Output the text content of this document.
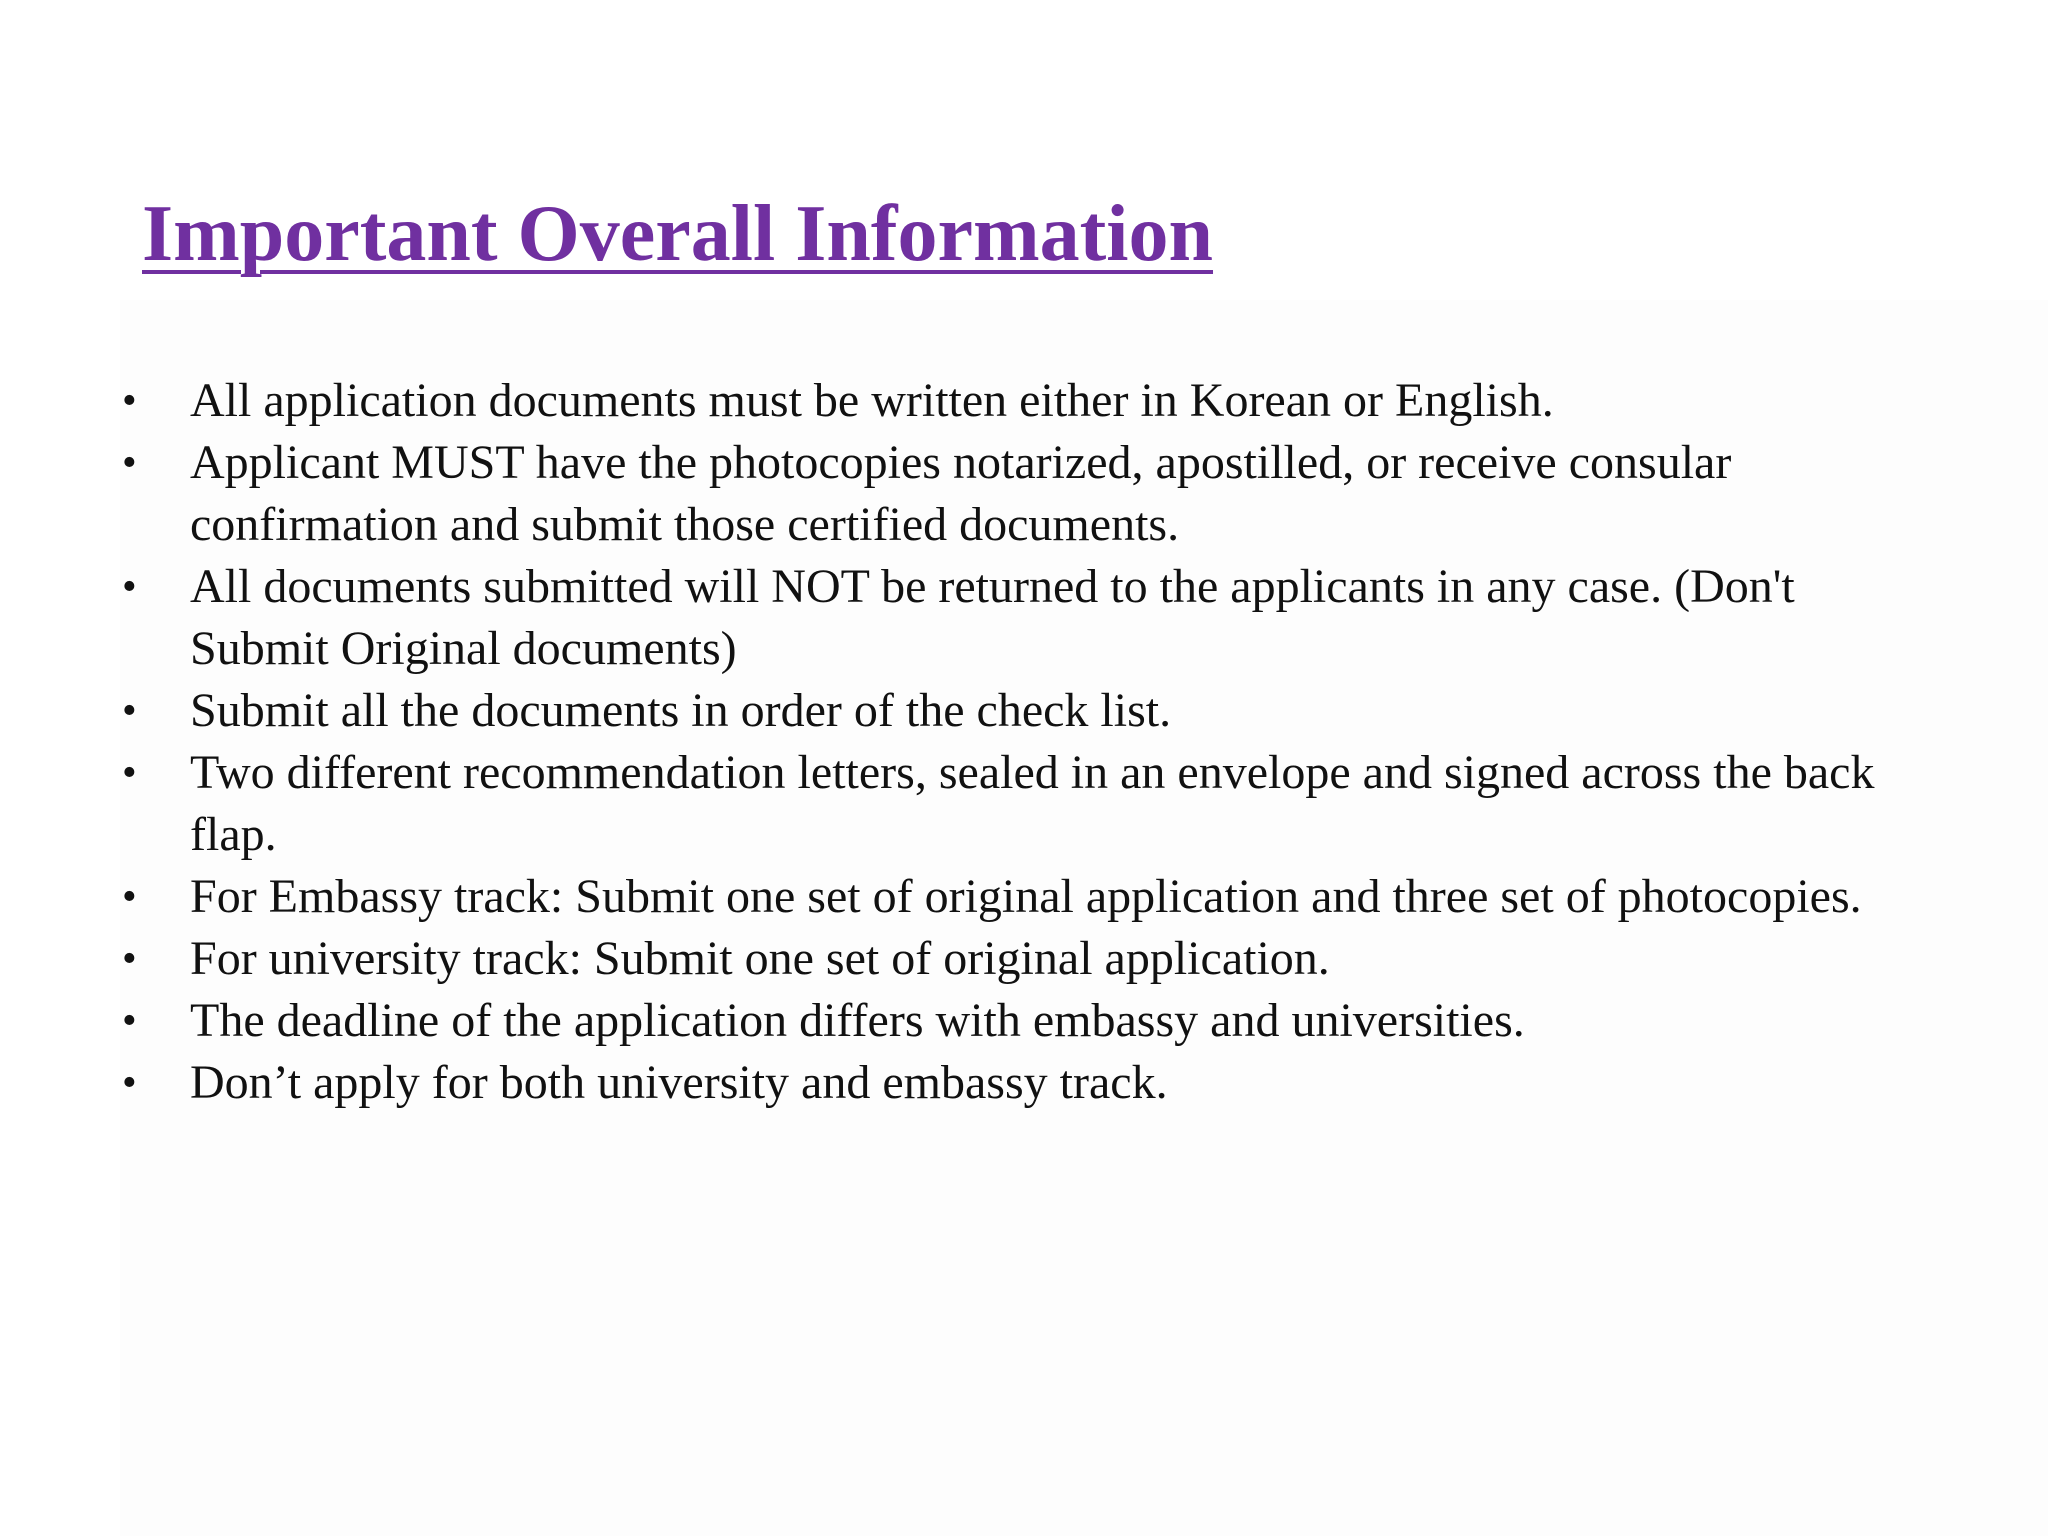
Important Overall Information
• All application documents must be written either in Korean or English.
• Applicant MUST have the photocopies notarized, apostilled, or receive consular confirmation and submit those certified documents.
• All documents submitted will NOT be returned to the applicants in any case. (Don't Submit Original documents)
• Submit all the documents in order of the check list.
• Two different recommendation letters, sealed in an envelope and signed across the back flap.
• For Embassy track: Submit one set of original application and three set of photocopies.
• For university track: Submit one set of original application.
• The deadline of the application differs with embassy and universities.
• Don’t apply for both university and embassy track.
